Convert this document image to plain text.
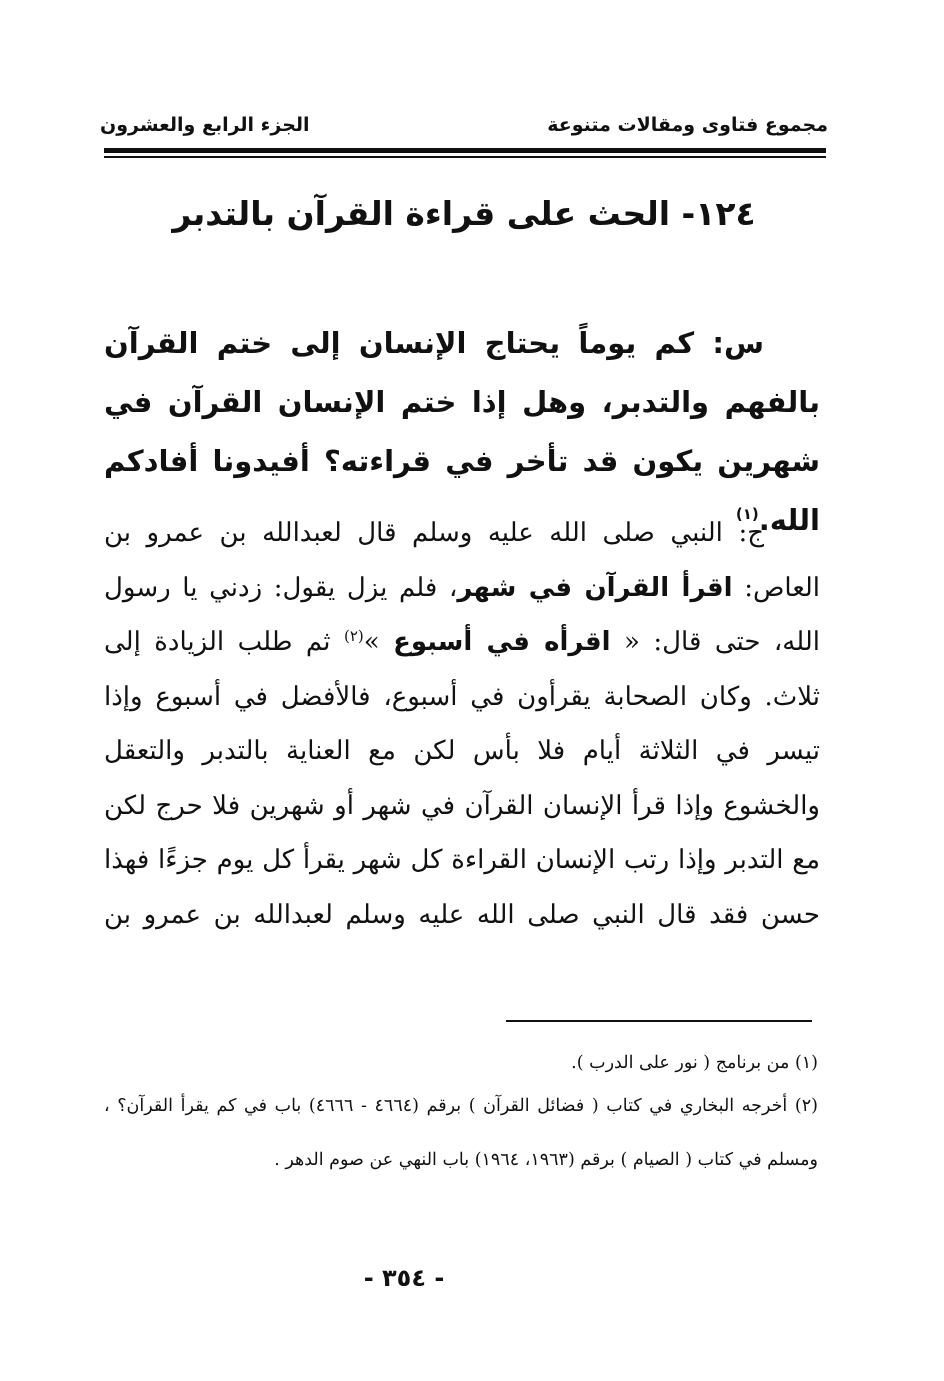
مجموع فتاوى ومقالات متنوعة
الجزء الرابع والعشرون
١٢٤- الحث على قراءة القرآن بالتدبر

س: كم يوماً يحتاج الإنسان إلى ختم القرآن بالفهم والتدبر، وهل إذا ختم الإنسان القرآن في شهرين يكون قد تأخر في قراءته؟ أفيدونا أفادكم الله.$^{(١)}$

ج: النبي صلى الله عليه وسلم قال لعبدالله بن عمرو بن العاص: اقرأ القرآن في شهر، فلم يزل يقول: زدني يا رسول الله، حتى قال: « اقرأه في أسبوع »$^{(٢)}$ ثم طلب الزيادة إلى ثلاث. وكان الصحابة يقرأون في أسبوع، فالأفضل في أسبوع وإذا تيسر في الثلاثة أيام فلا بأس لكن مع العناية بالتدبر والتعقل والخشوع وإذا قرأ الإنسان القرآن في شهر أو شهرين فلا حرج لكن مع التدبر وإذا رتب الإنسان القراءة كل شهر يقرأ كل يوم جزءًا فهذا حسن فقد قال النبي صلى الله عليه وسلم لعبدالله بن عمرو بن

(١) من برنامج ( نور على الدرب ).

(٢) أخرجه البخاري في كتاب ( فضائل القرآن ) برقم (٤٦٦٤ - ٤٦٦٦) باب في كم يقرأ القرآن؟ ، ومسلم في كتاب ( الصيام ) برقم (١٩٦٣، ١٩٦٤) باب النهي عن صوم الدهر .

- ٣٥٤ -
